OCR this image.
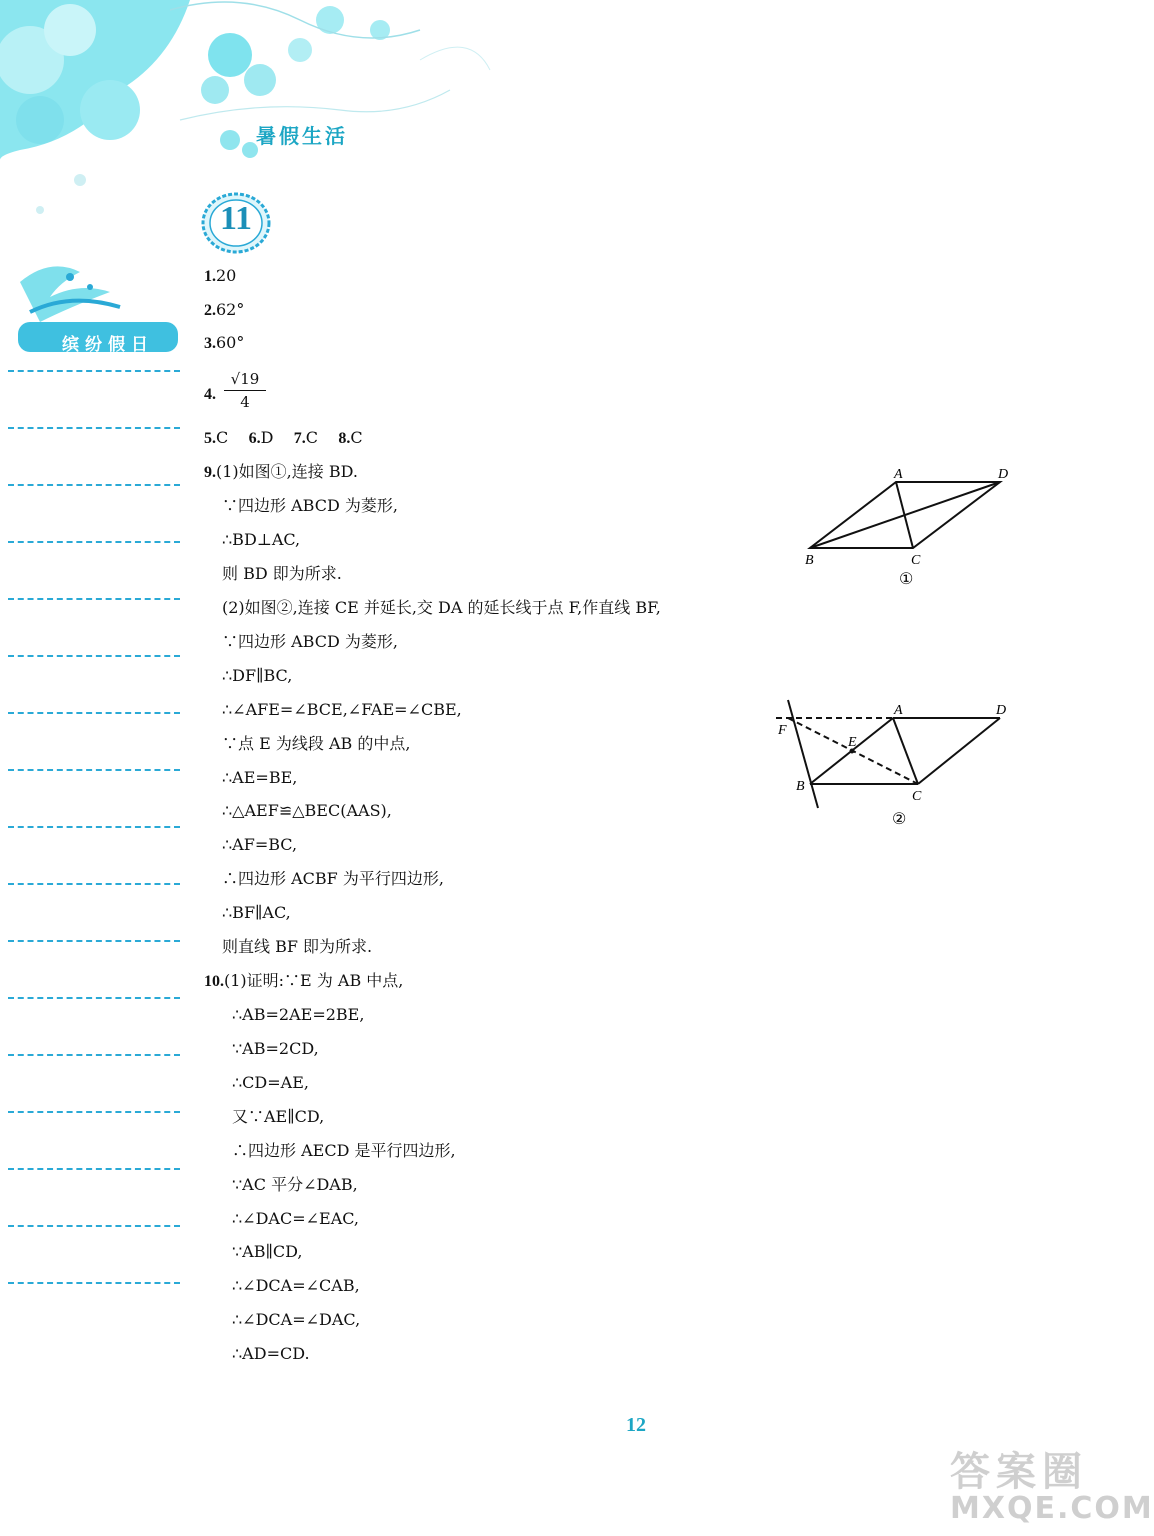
暑假生活
11
缤纷假日
1.20
2.62°
3.60°
4. $\frac{√19}{4}$
5.C 6.D 7.C 8.C
9.(1)如图①,连接 BD.
∵四边形 ABCD 为菱形,
∴BD⊥AC,
则 BD 即为所求.
(2)如图②,连接 CE 并延长,交 DA 的延长线于点 F,作直线 BF,
∵四边形 ABCD 为菱形,
∴DF∥BC,
∴∠AFE=∠BCE,∠FAE=∠CBE,
∵点 E 为线段 AB 的中点,
∴AE=BE,
∴△AEF≌△BEC(AAS),
∴AF=BC,
∴四边形 ACBF 为平行四边形,
∴BF∥AC,
则直线 BF 即为所求.
10.(1)证明:∵E 为 AB 中点,
∴AB=2AE=2BE,
∵AB=2CD,
∴CD=AE,
又∵AE∥CD,
∴四边形 AECD 是平行四边形,
∵AC 平分∠DAB,
∴∠DAC=∠EAC,
∵AB∥CD,
∴∠DCA=∠CAB,
∴∠DCA=∠DAC,
∴AD=CD.
A	D
B	C
①
A	D
F
E
B
C
②
12
答案圈
MXQE.COM
